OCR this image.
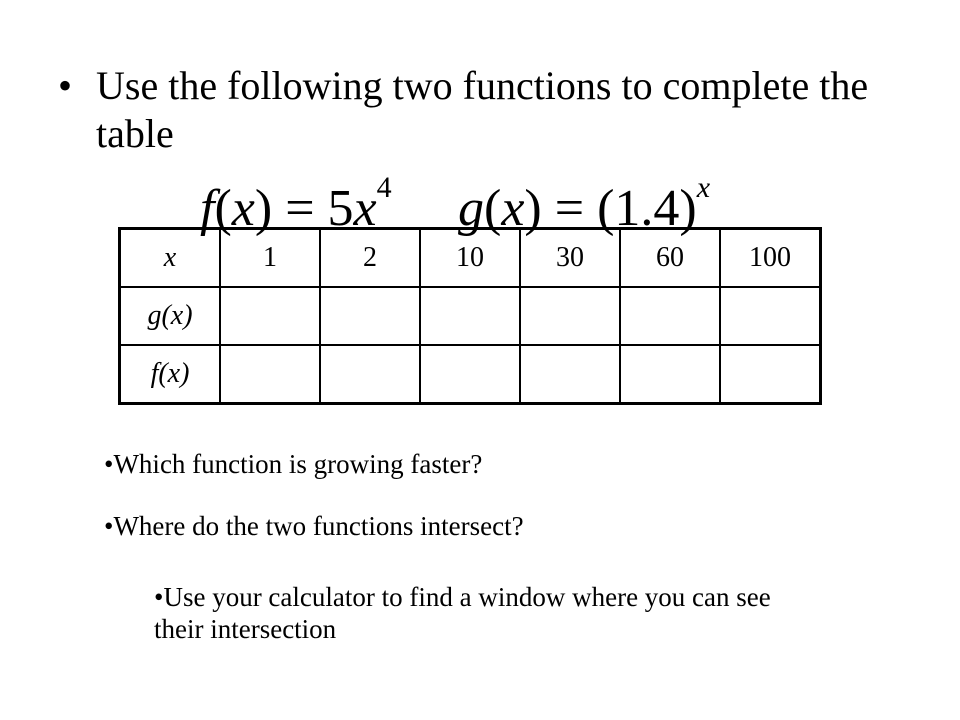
• Use the following two functions to complete the table
$f(x) = 5x^4$ $g(x) = (1.4)^x$
x	1	2	10	30	60	100
g(x)						
f(x)						
•Which function is growing faster?
•Where do the two functions intersect?
•Use your calculator to find a window where you can see their intersection
